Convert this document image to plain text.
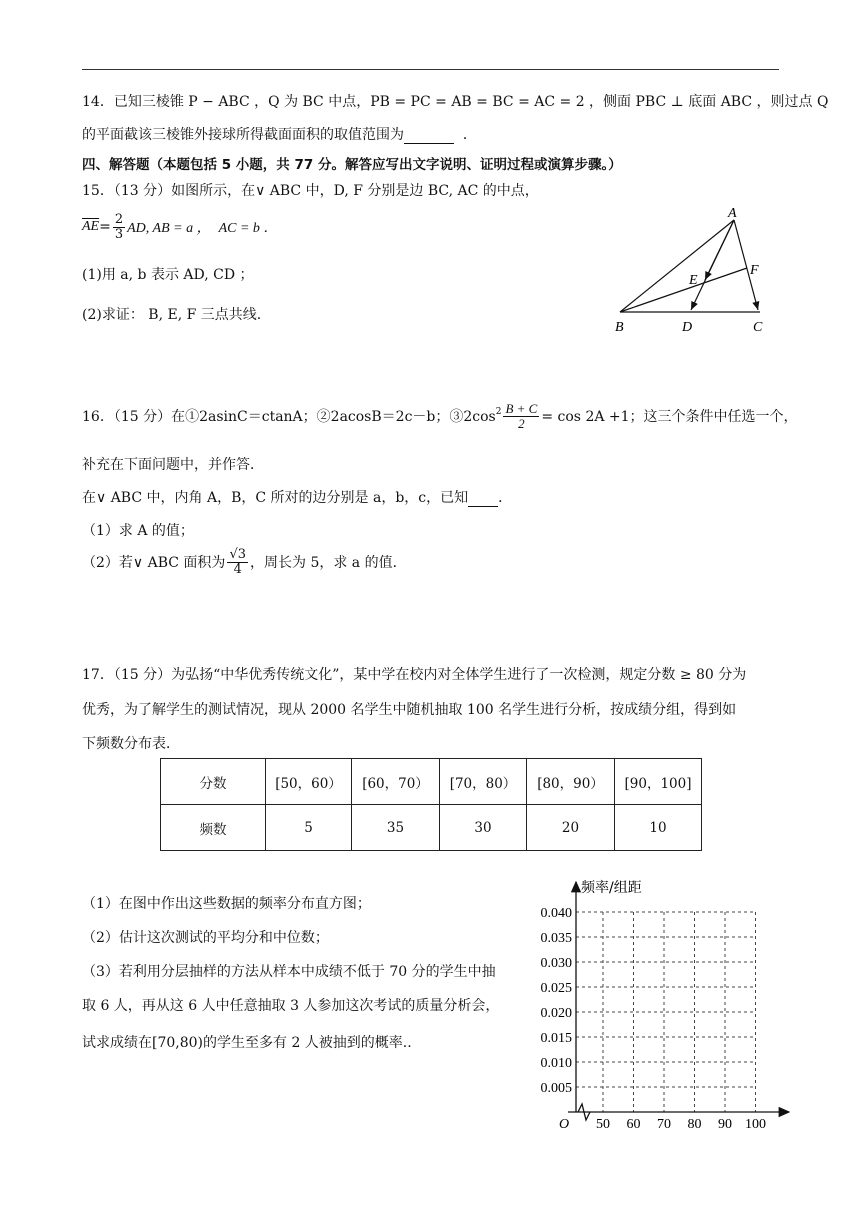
14．已知三棱锥 P − ABC ，Q 为 BC 中点，PB = PC = AB = BC = AC = 2 ，侧面 PBC ⊥ 底面 ABC ，则过点 Q
的平面截该三棱锥外接球所得截面面积的取值范围为	．
四、解答题（本题包括 5 小题，共 77 分。解答应写出文字说明、证明过程或演算步骤。）
15．（13 分）如图所示，在∨ ABC 中，D, F 分别是边 BC, AC 的中点，
$\overline{AE} = \frac{2}{3}$ AD, AB = a ， AC = b ．
(1)用 a, b 表示 AD, CD ；
(2)求证： B, E, F 三点共线．
A
B	C
D
E
F
16．（15 分）在①2asinC＝ctanA；②2acosB＝2c－b；$③2\cos^2 \frac{B + C}{2} = \cos 2A +1$；这三个条件中任选一个，
补充在下面问题中，并作答．
在∨ ABC 中，内角 A，B，C 所对的边分别是 a，b，c，已知 ．
（1）求 A 的值；
（2）若∨ ABC 面积为 $\frac{√3}{4}$ ，周长为 5，求 a 的值．
17．（15 分）为弘扬“中华优秀传统文化”，某中学在校内对全体学生进行了一次检测，规定分数 ≥ 80 分为
优秀，为了解学生的测试情况，现从 2000 名学生中随机抽取 100 名学生进行分析，按成绩分组，得到如
下频数分布表．
分数	[50，60）	[60，70）	[70，80）	[80，90）	[90，100]
频数	5	35	30	20	10
（1）在图中作出这些数据的频率分布直方图；
（2）估计这次测试的平均分和中位数；
（3）若利用分层抽样的方法从样本中成绩不低于 70 分的学生中抽
取 6 人，再从这 6 人中任意抽取 3 人参加这次考试的质量分析会，
试求成绩在[70,80)的学生至多有 2 人被抽到的概率..
0.040
0.035
0.030
0.025
0.020
0.015
0.010
0.005
50 60 70 80 90 100
频率/组距
O
